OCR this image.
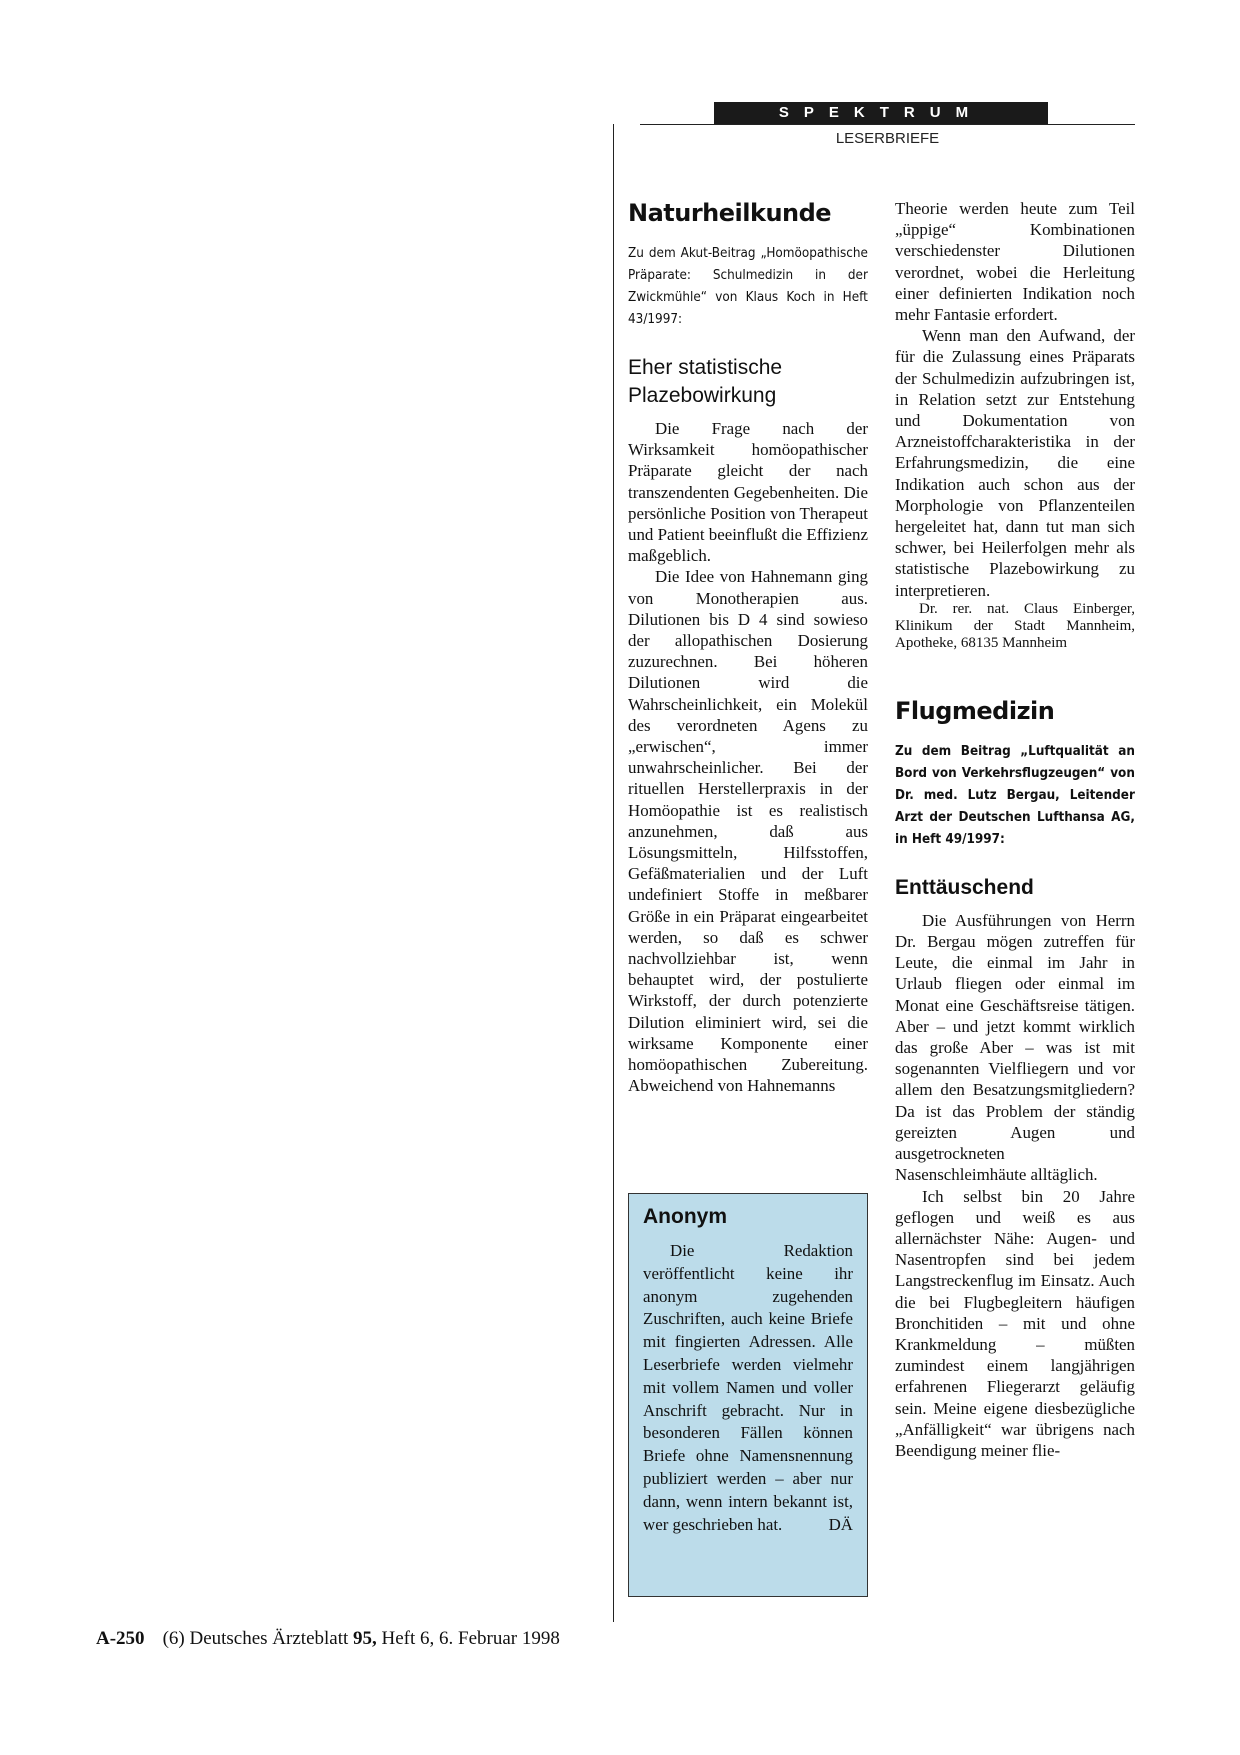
SPEKTRUM
LESERBRIEFE
Naturheilkunde
Zu dem Akut-Beitrag „Homöopathische Präparate: Schulmedizin in der Zwickmühle“ von Klaus Koch in Heft 43/1997:
Eher statistische Plazebowirkung

Die Frage nach der Wirksamkeit homöopathischer Präparate gleicht der nach transzendenten Gegebenheiten. Die persönliche Position von Therapeut und Patient beeinflußt die Effizienz maßgeblich.

Die Idee von Hahnemann ging von Monotherapien aus. Dilutionen bis D 4 sind sowieso der allopathischen Dosierung zuzurechnen. Bei höheren Dilutionen wird die Wahrscheinlichkeit, ein Molekül des verordneten Agens zu „erwischen“, immer unwahrscheinlicher. Bei der rituellen Herstellerpraxis in der Homöopathie ist es realistisch anzunehmen, daß aus Lösungsmitteln, Hilfsstoffen, Gefäßmaterialien und der Luft undefiniert Stoffe in meßbarer Größe in ein Präparat eingearbeitet werden, so daß es schwer nachvollziehbar ist, wenn behauptet wird, der postulierte Wirkstoff, der durch potenzierte Dilution eliminiert wird, sei die wirksame Komponente einer homöopathischen Zubereitung. Abweichend von Hahnemanns

Anonym

Die Redaktion veröffentlicht keine ihr anonym zugehenden Zuschriften, auch keine Briefe mit fingierten Adressen. Alle Leserbriefe werden vielmehr mit vollem Namen und voller Anschrift gebracht. Nur in besonderen Fällen können Briefe ohne Namensnennung publiziert werden – aber nur dann, wenn intern bekannt ist, wer geschrieben hat.	DÄ

Theorie werden heute zum Teil „üppige“ Kombinationen verschiedenster Dilutionen verordnet, wobei die Herleitung einer definierten Indikation noch mehr Fantasie erfordert.

Wenn man den Aufwand, der für die Zulassung eines Präparats der Schulmedizin aufzubringen ist, in Relation setzt zur Entstehung und Dokumentation von Arzneistoffcharakteristika in der Erfahrungsmedizin, die eine Indikation auch schon aus der Morphologie von Pflanzenteilen hergeleitet hat, dann tut man sich schwer, bei Heilerfolgen mehr als statistische Plazebowirkung zu interpretieren.

Dr. rer. nat. Claus Einberger, Klinikum der Stadt Mannheim, Apotheke, 68135 Mannheim

Flugmedizin
Zu dem Beitrag „Luftqualität an Bord von Verkehrsflugzeugen“ von Dr. med. Lutz Bergau, Leitender Arzt der Deutschen Lufthansa AG, in Heft 49/1997:
Enttäuschend

Die Ausführungen von Herrn Dr. Bergau mögen zutreffen für Leute, die einmal im Jahr in Urlaub fliegen oder einmal im Monat eine Geschäftsreise tätigen. Aber – und jetzt kommt wirklich das große Aber – was ist mit sogenannten Vielfliegern und vor allem den Besatzungsmitgliedern? Da ist das Problem der ständig gereizten Augen und ausgetrockneten Nasenschleimhäute alltäglich.

Ich selbst bin 20 Jahre geflogen und weiß es aus allernächster Nähe: Augen- und Nasentropfen sind bei jedem Langstreckenflug im Einsatz. Auch die bei Flugbegleitern häufigen Bronchitiden – mit und ohne Krankmeldung – müßten zumindest einem langjährigen erfahrenen Fliegerarzt geläufig sein. Meine eigene diesbezügliche „Anfälligkeit“ war übrigens nach Beendigung meiner flie-

A-250 (6) Deutsches Ärzteblatt 95, Heft 6, 6. Februar 1998
